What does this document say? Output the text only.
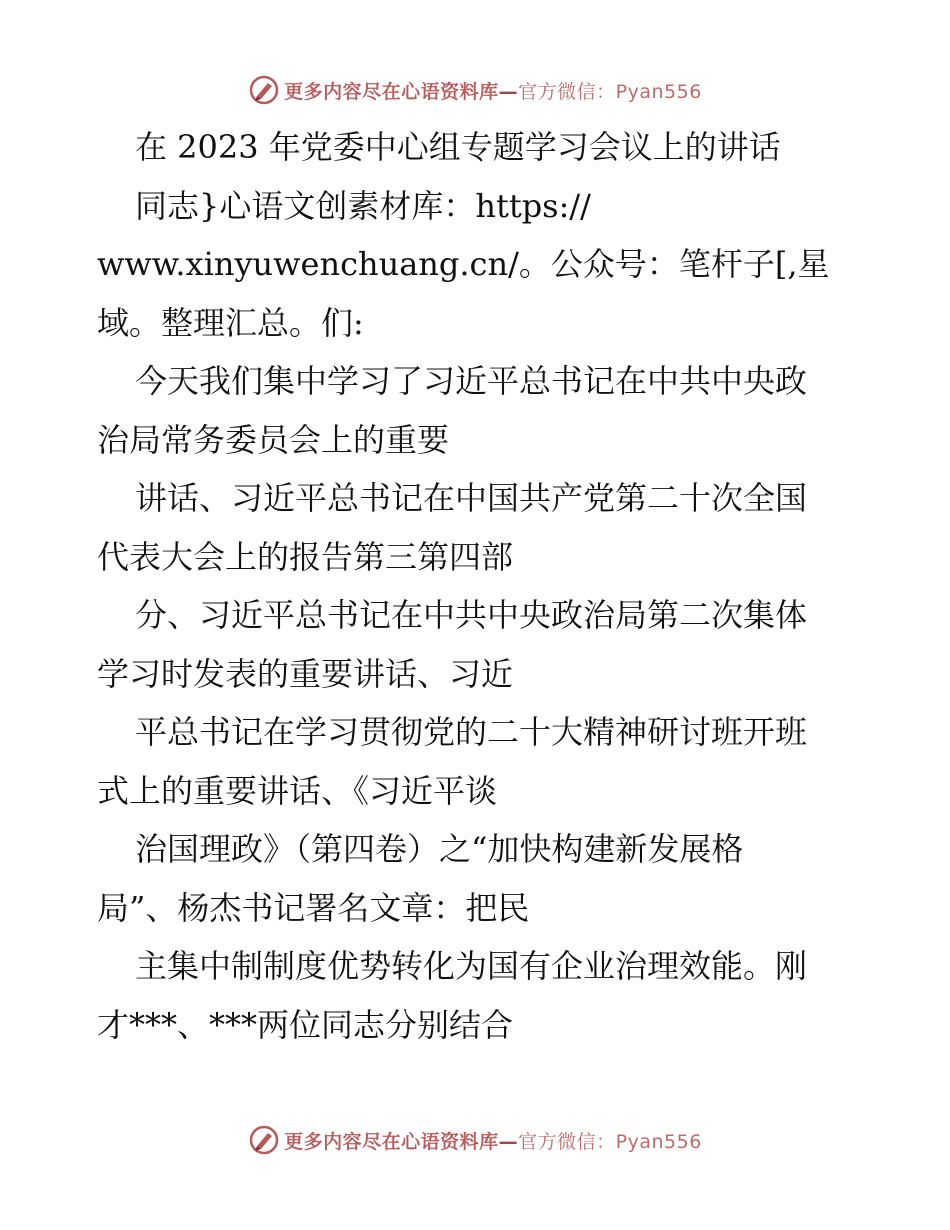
更多内容尽在心语资料库—官方微信：Pyan556
在 2023 年党委中心组专题学习会议上的讲话
同志}心语文创素材库：https://
www.xinyuwenchuang.cn/。公众号：笔杆子[,星
域。整理汇总。们:
今天我们集中学习了习近平总书记在中共中央政
治局常务委员会上的重要
讲话、习近平总书记在中国共产党第二十次全国
代表大会上的报告第三第四部
分、习近平总书记在中共中央政治局第二次集体
学习时发表的重要讲话、习近
平总书记在学习贯彻党的二十大精神研讨班开班
式上的重要讲话、《习近平谈
治国理政》（第四卷）之“加快构建新发展格
局”、杨杰书记署名文章：把民
主集中制制度优势转化为国有企业治理效能。刚
才***、***两位同志分别结合
更多内容尽在心语资料库—官方微信：Pyan556
